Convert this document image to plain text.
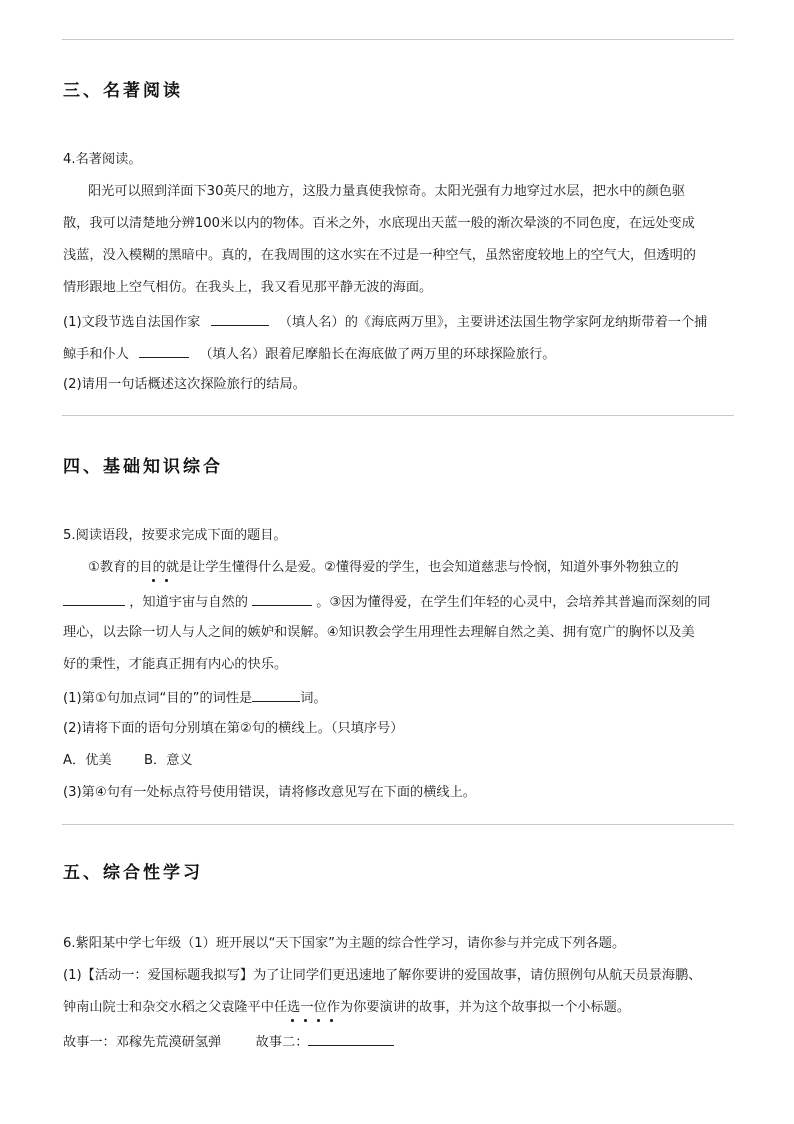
三、名著阅读
4.名著阅读。
阳光可以照到洋面下30英尺的地方，这股力量真使我惊奇。太阳光强有力地穿过水层，把水中的颜色驱
散，我可以清楚地分辨100米以内的物体。百米之外，水底现出天蓝一般的渐次晕淡的不同色度，在远处变成
浅蓝，没入模糊的黑暗中。真的，在我周围的这水实在不过是一种空气，虽然密度较地上的空气大，但透明的
情形跟地上空气相仿。在我头上，我又看见那平静无波的海面。
(1)文段节选自法国作家	（填人名）的《海底两万里》，主要讲述法国生物学家阿龙纳斯带着一个捕
鲸手和仆人	（填人名）跟着尼摩船长在海底做了两万里的环球探险旅行。
(2)请用一句话概述这次探险旅行的结局。
四、基础知识综合
5.阅读语段，按要求完成下面的题目。
①教育的目的就是让学生懂得什么是爱。②懂得爱的学生，也会知道慈悲与怜悯，知道外事外物独立的
，知道宇宙与自然的	。③因为懂得爱，在学生们年轻的心灵中，会培养其普遍而深刻的同
理心，以去除一切人与人之间的嫉妒和误解。④知识教会学生用理性去理解自然之美、拥有宽广的胸怀以及美
好的秉性，才能真正拥有内心的快乐。
(1)第①句加点词“目的”的词性是	词。
(2)请将下面的语句分别填在第②句的横线上。（只填序号）
A．优美 B．意义
(3)第④句有一处标点符号使用错误，请将修改意见写在下面的横线上。
五、综合性学习
6.紫阳某中学七年级（1）班开展以“天下国家”为主题的综合性学习，请你参与并完成下列各题。
(1)【活动一：爱国标题我拟写】为了让同学们更迅速地了解你要讲的爱国故事，请仿照例句从航天员景海鹏、
钟南山院士和杂交水稻之父袁隆平中任选一位作为你要演讲的故事，并为这个故事拟一个小标题。
故事一：邓稼先荒漠研氢弹	故事二：
